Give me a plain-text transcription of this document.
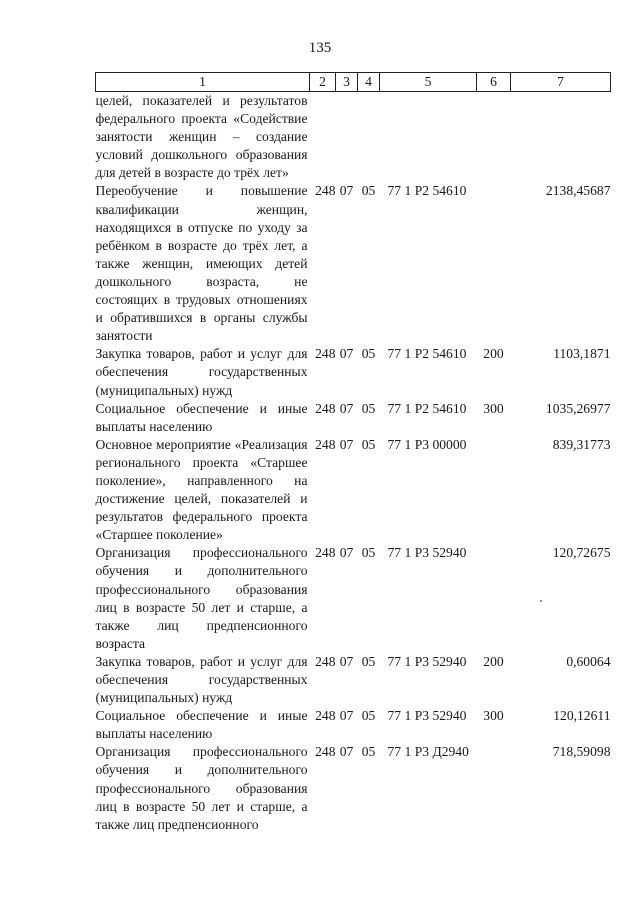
135
1	2	3	4	5	6	7
целей, показателей и результатов федерального проекта «Содействие занятости женщин – создание условий дошкольного образования для детей в возрасте до трёх лет»						
Переобучение и повышение квалификации женщин, находящихся в отпуске по уходу за ребёнком в возрасте до трёх лет, а также женщин, имеющих детей дошкольного возраста, не состоящих в трудовых отношениях и обратившихся в органы службы занятости	248	07	05	77 1 Р2 54610		2138,45687
Закупка товаров, работ и услуг для обеспечения государственных (муниципальных) нужд	248	07	05	77 1 Р2 54610	200	1103,1871
Социальное обеспечение и иные выплаты населению	248	07	05	77 1 Р2 54610	300	1035,26977
Основное мероприятие «Реализация регионального проекта «Старшее поколение», направленного на достижение целей, показателей и результатов федерального проекта «Старшее поколение»	248	07	05	77 1 Р3 00000		839,31773
Организация профессионального обучения и дополнительного профессионального образования лиц в возрасте 50 лет и старше, а также лиц предпенсионного возраста	248	07	05	77 1 Р3 52940		120,72675
Закупка товаров, работ и услуг для обеспечения государственных (муниципальных) нужд	248	07	05	77 1 Р3 52940	200	0,60064
Социальное обеспечение и иные выплаты населению	248	07	05	77 1 Р3 52940	300	120,12611
Организация профессионального обучения и дополнительного профессионального образования лиц в возрасте 50 лет и старше, а также лиц предпенсионного	248	07	05	77 1 Р3 Д2940		718,59098
